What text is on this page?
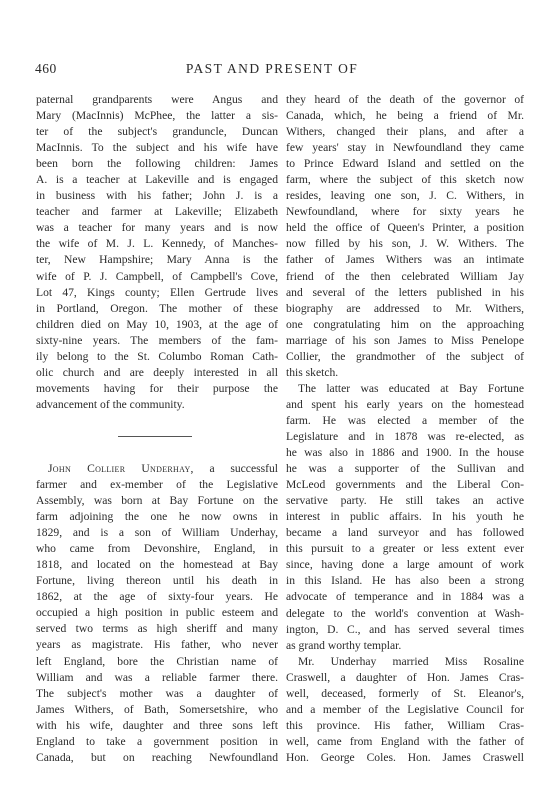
460	PAST AND PRESENT OF
paternal grandparents were Angus and
Mary (MacInnis) McPhee, the latter a sis-
ter of the subject's granduncle, Duncan
MacInnis. To the subject and his wife have
been born the following children: James
A. is a teacher at Lakeville and is engaged
in business with his father; John J. is a
teacher and farmer at Lakeville; Elizabeth
was a teacher for many years and is now
the wife of M. J. L. Kennedy, of Manches-
ter, New Hampshire; Mary Anna is the
wife of P. J. Campbell, of Campbell's Cove,
Lot 47, Kings county; Ellen Gertrude lives
in Portland, Oregon. The mother of these
children died on May 10, 1903, at the age of
sixty-nine years. The members of the fam-
ily belong to the St. Columbo Roman Cath-
olic church and are deeply interested in all
movements having for their purpose the
advancement of the community.
John Collier Underhay, a successful
farmer and ex-member of the Legislative
Assembly, was born at Bay Fortune on the
farm adjoining the one he now owns in
1829, and is a son of William Underhay,
who came from Devonshire, England, in
1818, and located on the homestead at Bay
Fortune, living thereon until his death in
1862, at the age of sixty-four years. He
occupied a high position in public esteem and
served two terms as high sheriff and many
years as magistrate. His father, who never
left England, bore the Christian name of
William and was a reliable farmer there.
The subject's mother was a daughter of
James Withers, of Bath, Somersetshire, who
with his wife, daughter and three sons left
England to take a government position in
Canada, but on reaching Newfoundland
they heard of the death of the governor of
Canada, which, he being a friend of Mr.
Withers, changed their plans, and after a
few years' stay in Newfoundland they came
to Prince Edward Island and settled on the
farm, where the subject of this sketch now
resides, leaving one son, J. C. Withers, in
Newfoundland, where for sixty years he
held the office of Queen's Printer, a position
now filled by his son, J. W. Withers. The
father of James Withers was an intimate
friend of the then celebrated William Jay
and several of the letters published in his
biography are addressed to Mr. Withers,
one congratulating him on the approaching
marriage of his son James to Miss Penelope
Collier, the grandmother of the subject of
this sketch.
The latter was educated at Bay Fortune
and spent his early years on the homestead
farm. He was elected a member of the
Legislature and in 1878 was re-elected, as
he was also in 1886 and 1900. In the house
he was a supporter of the Sullivan and
McLeod governments and the Liberal Con-
servative party. He still takes an active
interest in public affairs. In his youth he
became a land surveyor and has followed
this pursuit to a greater or less extent ever
since, having done a large amount of work
in this Island. He has also been a strong
advocate of temperance and in 1884 was a
delegate to the world's convention at Wash-
ington, D. C., and has served several times
as grand worthy templar.
Mr. Underhay married Miss Rosaline
Craswell, a daughter of Hon. James Cras-
well, deceased, formerly of St. Eleanor's,
and a member of the Legislative Council for
this province. His father, William Cras-
well, came from England with the father of
Hon. George Coles. Hon. James Craswell
